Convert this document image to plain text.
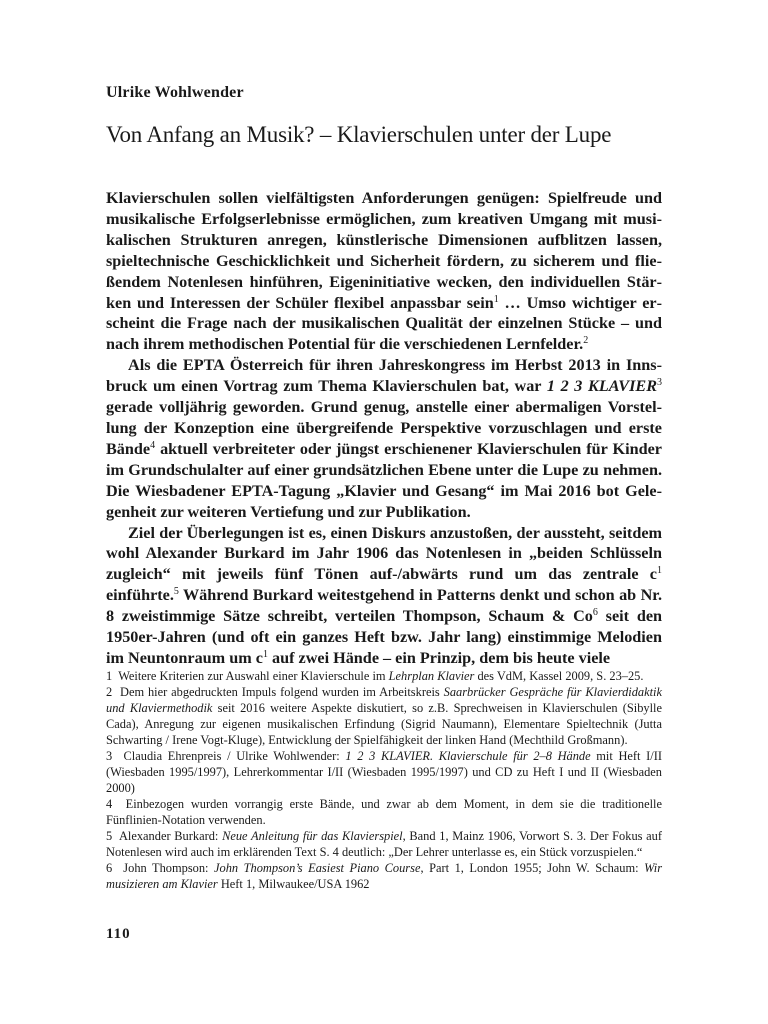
Ulrike Wohlwender
Von Anfang an Musik? – Klavierschulen unter der Lupe

Klavierschulen sollen vielfältigsten Anforderungen genügen: Spielfreude und musikalische Erfolgserlebnisse ermöglichen, zum kreativen Umgang mit musikalischen Strukturen anregen, künstlerische Dimensionen aufblitzen lassen, spieltechnische Geschicklichkeit und Sicherheit fördern, zu sicherem und fließendem Notenlesen hinführen, Eigeninitiative wecken, den individuellen Stärken und Interessen der Schüler flexibel anpassbar sein$^1$ … Umso wichtiger erscheint die Frage nach der musikalischen Qualität der einzelnen Stücke – und nach ihrem methodischen Potential für die verschiedenen Lernfelder.$^2$

Als die EPTA Österreich für ihren Jahreskongress im Herbst 2013 in Innsbruck um einen Vortrag zum Thema Klavierschulen bat, war 1 2 3 KLAVIER$^3$ gerade volljährig geworden. Grund genug, anstelle einer abermaligen Vorstellung der Konzeption eine übergreifende Perspektive vorzuschlagen und erste Bände$^4$ aktuell verbreiteter oder jüngst erschienener Klavierschulen für Kinder im Grundschulalter auf einer grundsätzlichen Ebene unter die Lupe zu nehmen. Die Wiesbadener EPTA-Tagung „Klavier und Gesang“ im Mai 2016 bot Gelegenheit zur weiteren Vertiefung und zur Publikation.

Ziel der Überlegungen ist es, einen Diskurs anzustoßen, der aussteht, seitdem wohl Alexander Burkard im Jahr 1906 das Notenlesen in „beiden Schlüsseln zugleich“ mit jeweils fünf Tönen auf-/abwärts rund um das zentrale $c^1$ einführte.$^5$ Während Burkard weitestgehend in Patterns denkt und schon ab Nr. 8 zweistimmige Sätze schreibt, verteilen Thompson, Schaum & Co$^6$ seit den 1950er-Jahren (und oft ein ganzes Heft bzw. Jahr lang) einstimmige Melodien im Neuntonraum um $c^1$ auf zwei Hände – ein Prinzip, dem bis heute viele

1 Weitere Kriterien zur Auswahl einer Klavierschule im Lehrplan Klavier des VdM, Kassel 2009, S. 23–25.

2 Dem hier abgedruckten Impuls folgend wurden im Arbeitskreis Saarbrücker Gespräche für Klavierdidaktik und Klaviermethodik seit 2016 weitere Aspekte diskutiert, so z.B. Sprechweisen in Klavierschulen (Sibylle Cada), Anregung zur eigenen musikalischen Erfindung (Sigrid Naumann), Elementare Spieltechnik (Jutta Schwarting / Irene Vogt-Kluge), Entwicklung der Spielfähigkeit der linken Hand (Mechthild Großmann).

3 Claudia Ehrenpreis / Ulrike Wohlwender: 1 2 3 KLAVIER. Klavierschule für 2–8 Hände mit Heft I/II (Wiesbaden 1995/1997), Lehrerkommentar I/II (Wiesbaden 1995/1997) und CD zu Heft I und II (Wiesbaden 2000)

4 Einbezogen wurden vorrangig erste Bände, und zwar ab dem Moment, in dem sie die traditionelle Fünflinien-Notation verwenden.

5 Alexander Burkard: Neue Anleitung für das Klavierspiel, Band 1, Mainz 1906, Vorwort S. 3. Der Fokus auf Notenlesen wird auch im erklärenden Text S. 4 deutlich: „Der Lehrer unterlasse es, ein Stück vorzuspielen.“

6 John Thompson: John Thompson’s Easiest Piano Course, Part 1, London 1955; John W. Schaum: Wir musizieren am Klavier Heft 1, Milwaukee/USA 1962

110
